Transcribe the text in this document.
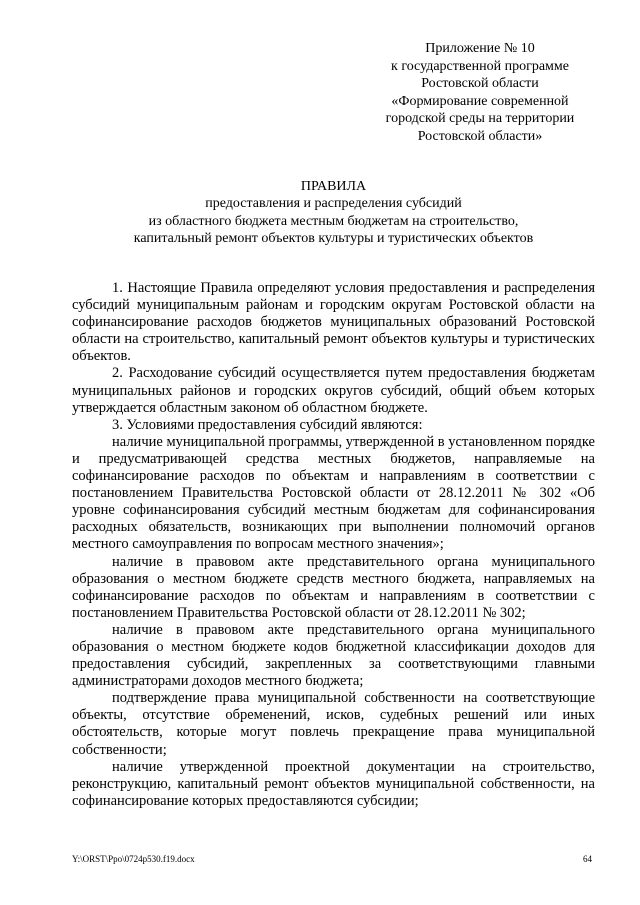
Приложение № 10
к государственной программе
Ростовской области
«Формирование современной
городской среды на территории
Ростовской области»
ПРАВИЛА
предоставления и распределения субсидий
из областного бюджета местным бюджетам на строительство,
капитальный ремонт объектов культуры и туристических объектов

1. Настоящие Правила определяют условия предоставления и распределения субсидий муниципальным районам и городским округам Ростовской области на софинансирование расходов бюджетов муниципальных образований Ростовской области на строительство, капитальный ремонт объектов культуры и туристических объектов.

2. Расходование субсидий осуществляется путем предоставления бюджетам муниципальных районов и городских округов субсидий, общий объем которых утверждается областным законом об областном бюджете.

3. Условиями предоставления субсидий являются:

наличие муниципальной программы, утвержденной в установленном порядке и предусматривающей средства местных бюджетов, направляемые на софинансирование расходов по объектам и направлениям в соответствии с постановлением Правительства Ростовской области от 28.12.2011 № 302 «Об уровне софинансирования субсидий местным бюджетам для софинансирования расходных обязательств, возникающих при выполнении полномочий органов местного самоуправления по вопросам местного значения»;

наличие в правовом акте представительного органа муниципального образования о местном бюджете средств местного бюджета, направляемых на софинансирование расходов по объектам и направлениям в соответствии с постановлением Правительства Ростовской области от 28.12.2011 № 302;

наличие в правовом акте представительного органа муниципального образования о местном бюджете кодов бюджетной классификации доходов для предоставления субсидий, закрепленных за соответствующими главными администраторами доходов местного бюджета;

подтверждение права муниципальной собственности на соответствующие объекты, отсутствие обременений, исков, судебных решений или иных обстоятельств, которые могут повлечь прекращение права муниципальной собственности;

наличие утвержденной проектной документации на строительство, реконструкцию, капитальный ремонт объектов муниципальной собственности, на софинансирование которых предоставляются субсидии;

Y:\ORST\Ppo\0724p530.f19.docx	64
